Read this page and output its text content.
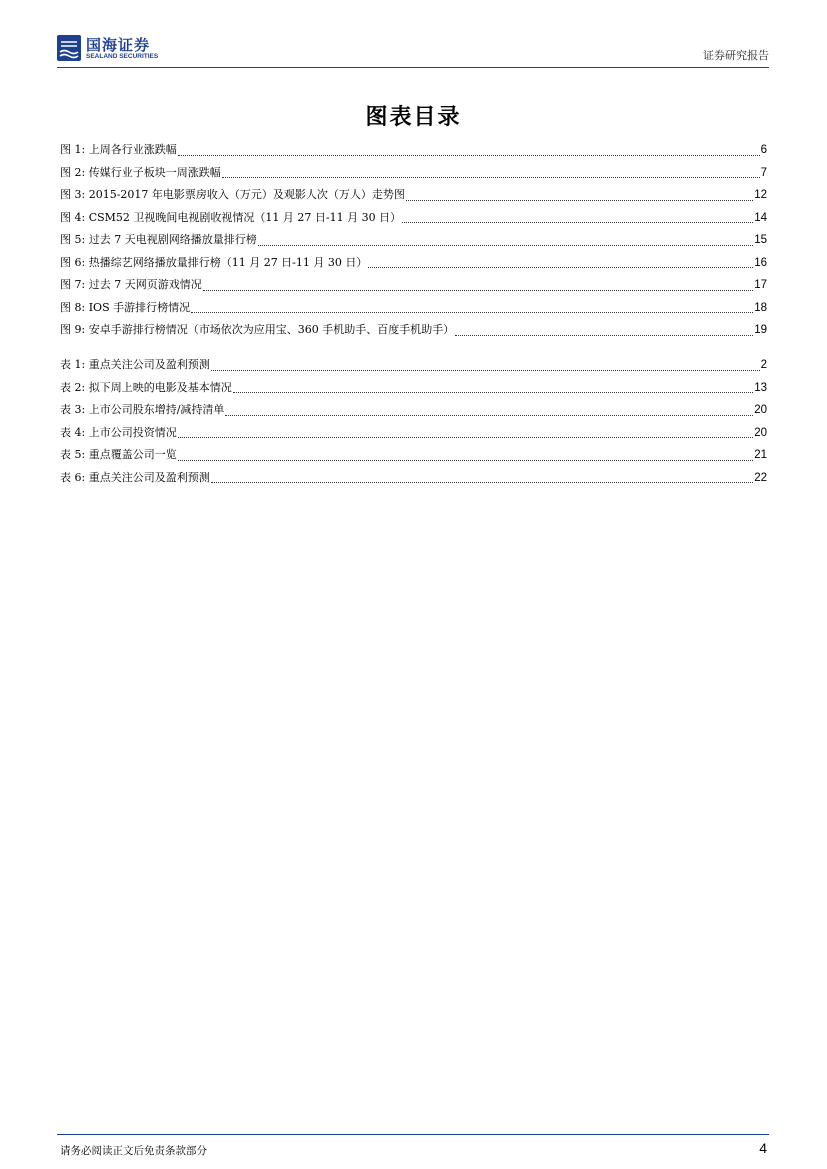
国海证券
SEALAND SECURITIES	证券研究报告
图表目录
图 1: 上周各行业涨跌幅	6
图 2: 传媒行业子板块一周涨跌幅	7
图 3: 2015-2017 年电影票房收入（万元）及观影人次（万人）走势图	12
图 4: CSM52 卫视晚间电视剧收视情况（11 月 27 日-11 月 30 日）	14
图 5: 过去 7 天电视剧网络播放量排行榜	15
图 6: 热播综艺网络播放量排行榜（11 月 27 日-11 月 30 日）	16
图 7: 过去 7 天网页游戏情况	17
图 8: IOS 手游排行榜情况	18
图 9: 安卓手游排行榜情况（市场依次为应用宝、360 手机助手、百度手机助手）	19
表 1: 重点关注公司及盈利预测	2
表 2: 拟下周上映的电影及基本情况	13
表 3: 上市公司股东增持/减持清单	20
表 4: 上市公司投资情况	20
表 5: 重点覆盖公司一览	21
表 6: 重点关注公司及盈利预测	22
请务必阅读正文后免责条款部分	4
